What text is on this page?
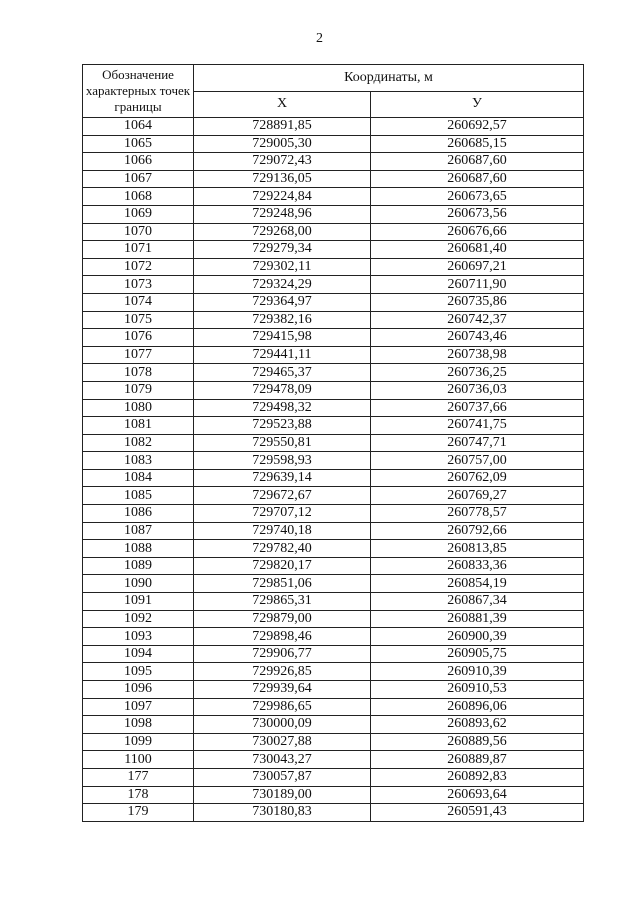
2
Обозначение характерных точек границы	Координаты, м	
	X	У
1064	728891,85	260692,57
1065	729005,30	260685,15
1066	729072,43	260687,60
1067	729136,05	260687,60
1068	729224,84	260673,65
1069	729248,96	260673,56
1070	729268,00	260676,66
1071	729279,34	260681,40
1072	729302,11	260697,21
1073	729324,29	260711,90
1074	729364,97	260735,86
1075	729382,16	260742,37
1076	729415,98	260743,46
1077	729441,11	260738,98
1078	729465,37	260736,25
1079	729478,09	260736,03
1080	729498,32	260737,66
1081	729523,88	260741,75
1082	729550,81	260747,71
1083	729598,93	260757,00
1084	729639,14	260762,09
1085	729672,67	260769,27
1086	729707,12	260778,57
1087	729740,18	260792,66
1088	729782,40	260813,85
1089	729820,17	260833,36
1090	729851,06	260854,19
1091	729865,31	260867,34
1092	729879,00	260881,39
1093	729898,46	260900,39
1094	729906,77	260905,75
1095	729926,85	260910,39
1096	729939,64	260910,53
1097	729986,65	260896,06
1098	730000,09	260893,62
1099	730027,88	260889,56
1100	730043,27	260889,87
177	730057,87	260892,83
178	730189,00	260693,64
179	730180,83	260591,43
